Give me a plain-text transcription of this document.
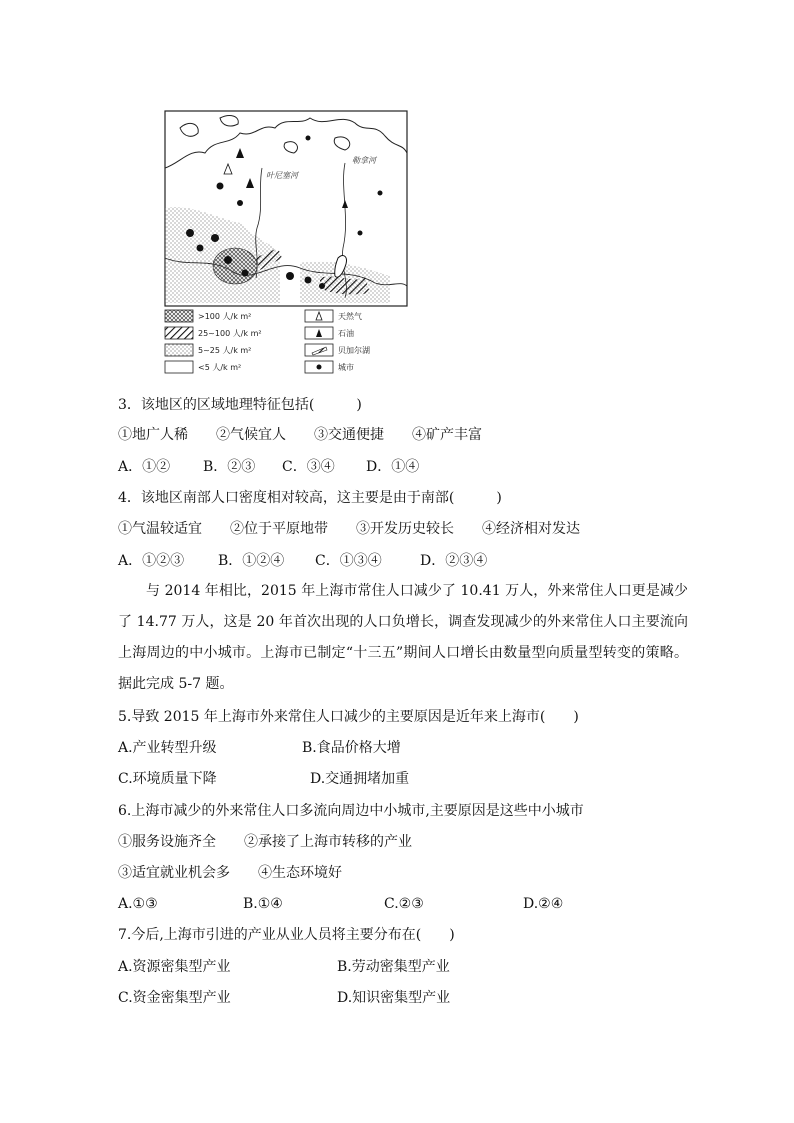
叶尼塞河
勒拿河
>100 人/k m²
25~100 人/k m²
5~25 人/k m²
<5 人/k m²
天然气
石油
贝加尔湖
城市
3．该地区的区域地理特征包括(　　　)
①地广人稀　　②气候宜人　　③交通便捷　　④矿产丰富
A．①② B．②③ C．③④ D．①④
4．该地区南部人口密度相对较高，这主要是由于南部(　　　)
①气温较适宜　　②位于平原地带　　③开发历史较长　　④经济相对发达
A．①②③ B．①②④ C．①③④	D．②③④
与 2014 年相比，2015 年上海市常住人口减少了 10.41 万人，外来常住人口更是减少了 14.77 万人，这是 20 年首次出现的人口负增长，调查发现减少的外来常住人口主要流向上海周边的中小城市。上海市已制定“十三五”期间人口增长由数量型向质量型转变的策略。据此完成 5-7 题。
5.导致 2015 年上海市外来常住人口减少的主要原因是近年来上海市(　　)
A.产业转型升级	B.食品价格大增
C.环境质量下降	D.交通拥堵加重
6.上海市减少的外来常住人口多流向周边中小城市,主要原因是这些中小城市
①服务设施齐全　　②承接了上海市转移的产业
③适宜就业机会多　　④生态环境好
A.①③	B.①④	C.②③	D.②④
7.今后,上海市引进的产业从业人员将主要分布在(　　)
A.资源密集型产业	B.劳动密集型产业
C.资金密集型产业	D.知识密集型产业
